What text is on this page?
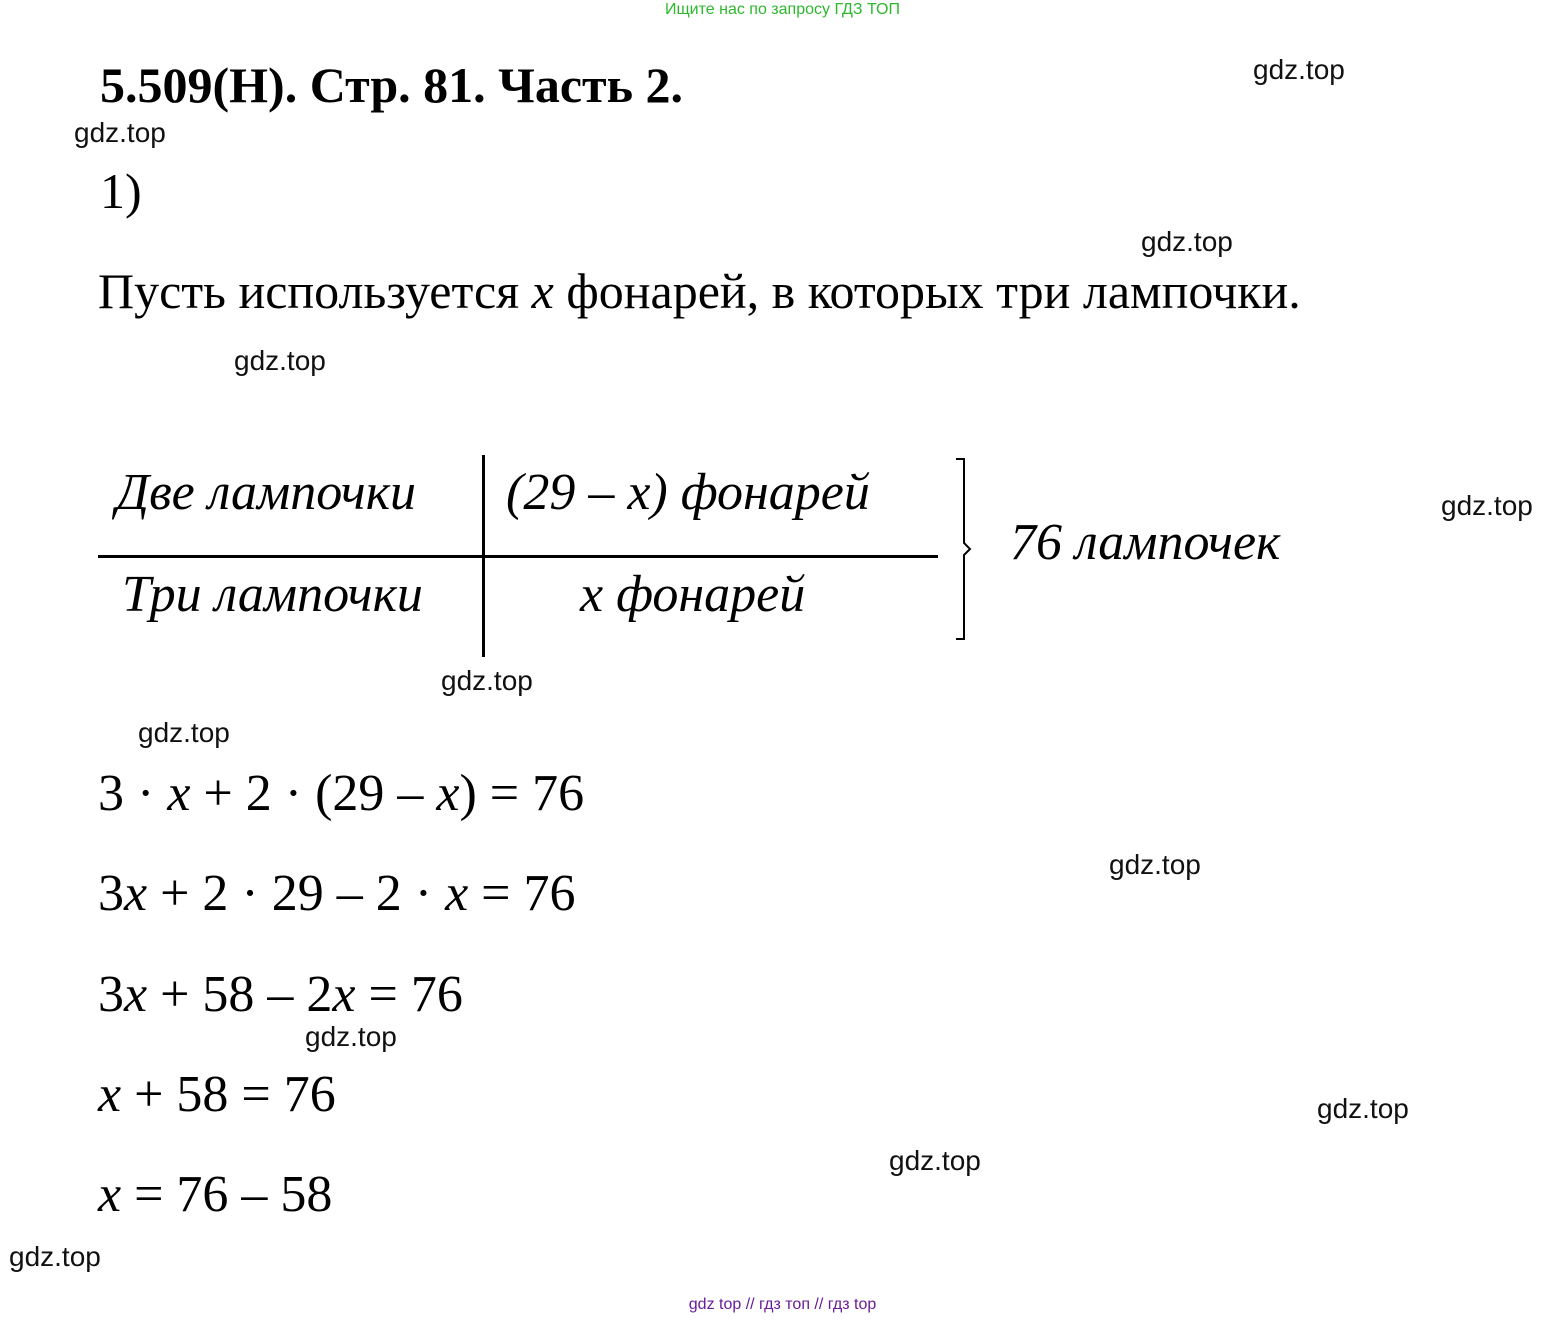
Ищите нас по запросу ГДЗ ТОП
5.509(Н). Стр. 81. Часть 2.
1)
Пусть используется x фонарей, в которых три лампочки.
Две лампочки (29 – x) фонарей
Три лампочки	x фонарей
76 лампочек
3 · x + 2 · (29 – x) = 76
3x + 2 · 29 – 2 · x = 76
3x + 58 – 2x = 76
x + 58 = 76
x = 76 – 58
gdz.top
gdz.top
gdz.top
gdz.top
gdz.top
gdz.top
gdz.top
gdz.top
gdz.top
gdz.top
gdz.top
gdz.top
gdz top // гдз топ // гдз top
